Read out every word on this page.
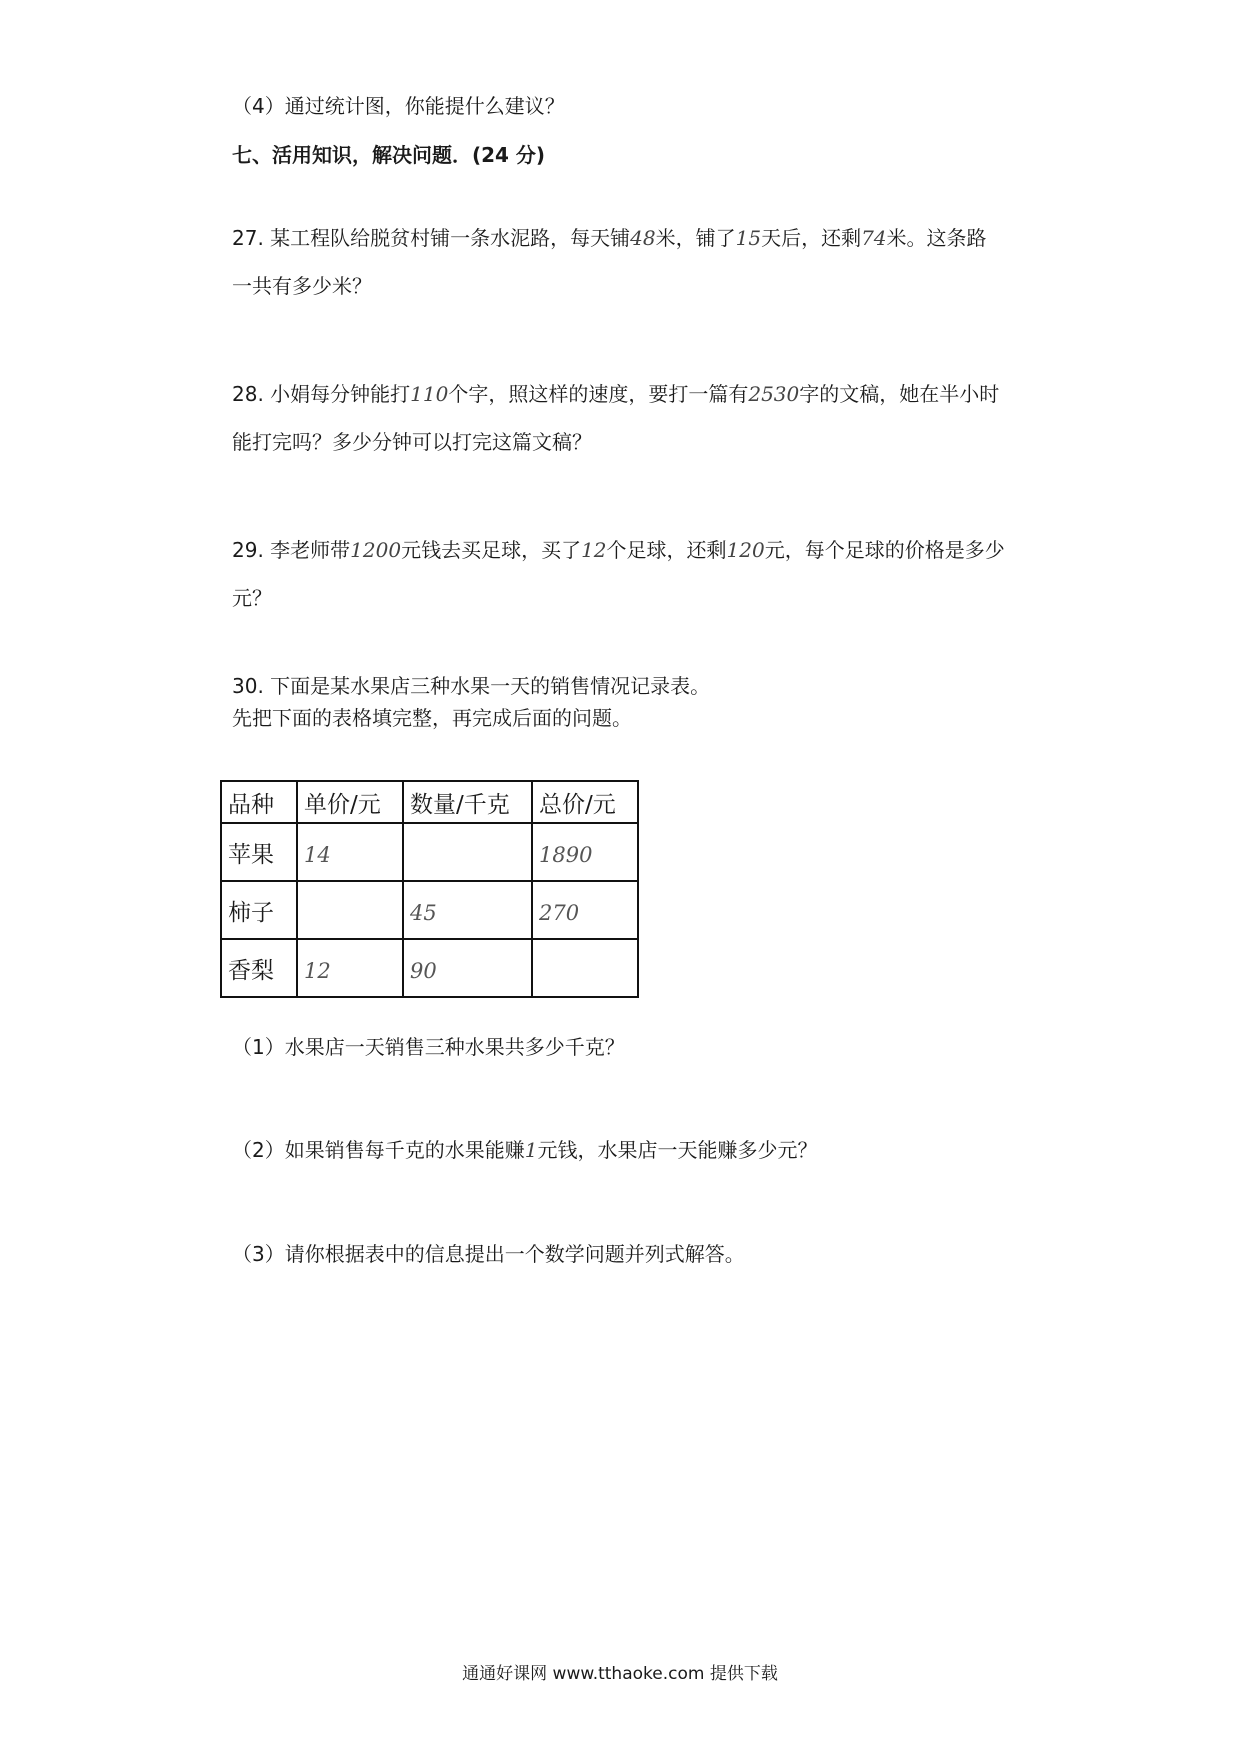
（4）通过统计图，你能提什么建议？
七、活用知识，解决问题．(24 分)
27. 某工程队给脱贫村铺一条水泥路，每天铺48米，铺了15天后，还剩74米。这条路
一共有多少米？
28. 小娟每分钟能打110个字，照这样的速度，要打一篇有2530字的文稿，她在半小时
能打完吗？多少分钟可以打完这篇文稿？
29. 李老师带1200元钱去买足球，买了12个足球，还剩120元，每个足球的价格是多少
元？
30. 下面是某水果店三种水果一天的销售情况记录表。
先把下面的表格填完整，再完成后面的问题。
品种	单价/元	数量/千克	总价/元
苹果	14		1890
柿子		45	270
香梨	12	90	
（1）水果店一天销售三种水果共多少千克？
（2）如果销售每千克的水果能赚1元钱，水果店一天能赚多少元？
（3）请你根据表中的信息提出一个数学问题并列式解答。
通通好课网 www.tthaoke.com 提供下载
